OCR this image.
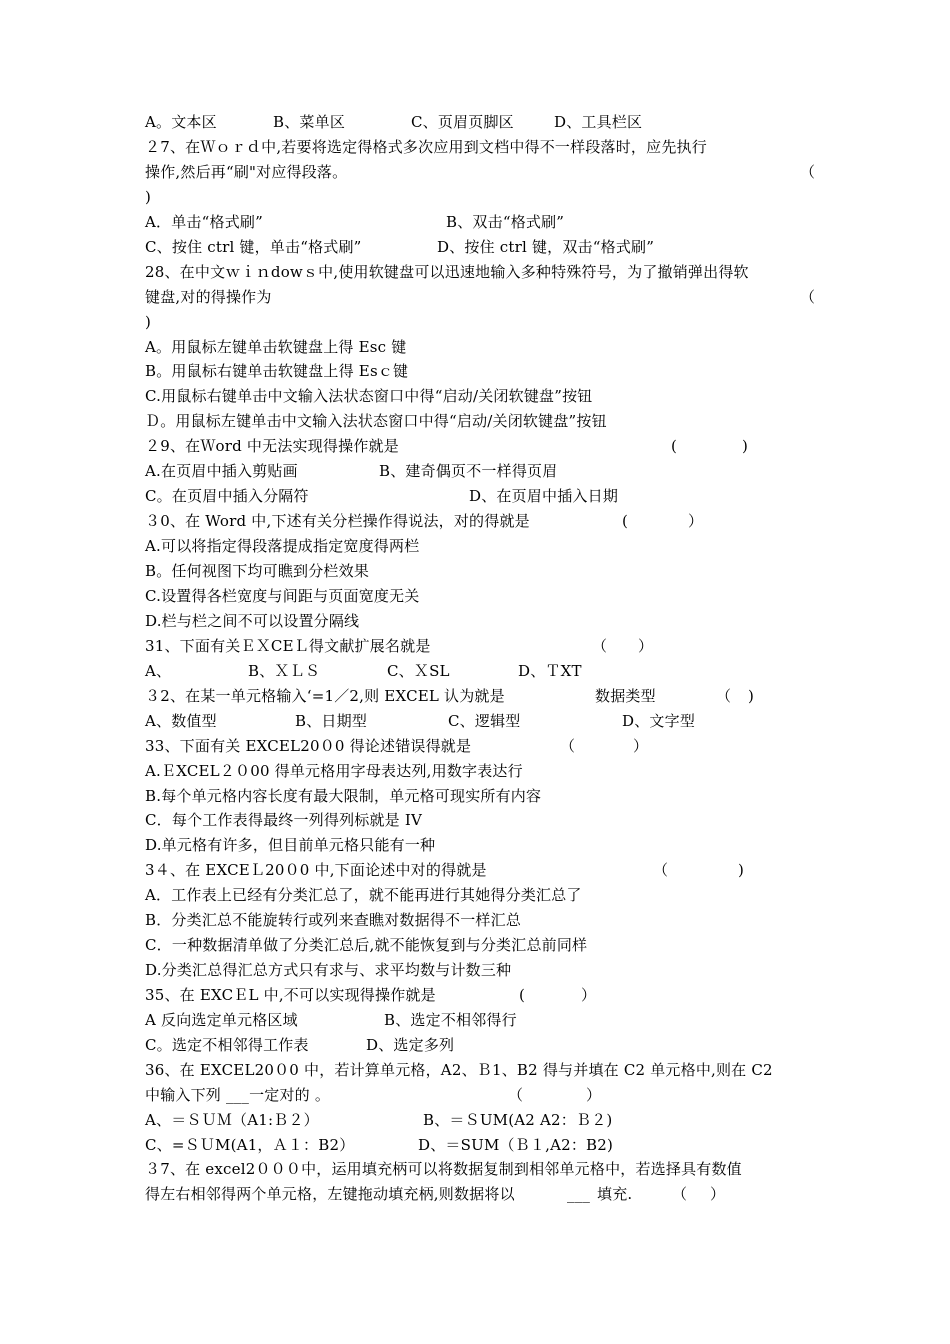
A。文本区	B、菜单区	C、页眉页脚区	D、工具栏区
２7、在Ｗｏｒｄ中,若要将选定得格式多次应用到文档中得不一样段落时，应先执行
操作,然后再“刷"对应得段落。	（
)
A．单击“格式刷”	B、双击“格式刷”
C、按住 ctrl 键，单击“格式刷”	D、按住 ctrl 键，双击“格式刷”
28、在中文ｗｉｎdowｓ中,使用软键盘可以迅速地输入多种特殊符号，为了撤销弹出得软
键盘,对的得操作为	（
)
A。用鼠标左键单击软键盘上得 Esc 键
B。用鼠标右键单击软键盘上得 Esｃ键
C.用鼠标右键单击中文输入法状态窗口中得“启动/关闭软键盘”按钮
Ｄ。用鼠标左键单击中文输入法状态窗口中得“启动/关闭软键盘”按钮
２9、在Ｗord 中无法实现得操作就是	(	)
A.在页眉中插入剪贴画	B、建奇偶页不一样得页眉
C。在页眉中插入分隔符	D、在页眉中插入日期
３0、在 Word 中,下述有关分栏操作得说法，对的得就是	(	）
A.可以将指定得段落提成指定宽度得两栏
B。任何视图下均可瞧到分栏效果
C.设置得各栏宽度与间距与页面宽度无关
D.栏与栏之间不可以设置分隔线
31、下面有关ＥＸCEＬ得文献扩展名就是	（ ）
A、	B、ＸＬＳ	C、ＸSL	D、ＴXT
３2、在某一单元格输入‘=1／2,则 EXCEL 认为就是	数据类型	（ )
A、数值型	B、日期型	C、逻辑型	D、文字型
33、下面有关 EXCEL20０0 得论述错误得就是	（	）
A.ＥXCEL２０00 得单元格用字母表达列,用数字表达行
B.每个单元格内容长度有最大限制，单元格可现实所有内容
C．每个工作表得最终一列得列标就是 IV
D.单元格有许多，但目前单元格只能有一种
3４、在 EXCEＬ20０0 中,下面论述中对的得就是	（	)
A．工作表上已经有分类汇总了，就不能再进行其她得分类汇总了
B．分类汇总不能旋转行或列来查瞧对数据得不一样汇总
C．一种数据清单做了分类汇总后,就不能恢复到与分类汇总前同样
D.分类汇总得汇总方式只有求与、求平均数与计数三种
35、在 EXCＥL 中,不可以实现得操作就是	(	）
A 反向选定单元格区域	B、选定不相邻得行
C。选定不相邻得工作表	D、选定多列
36、在 EXCEL20０0 中，若计算单元格，A2、Ｂ1、B2 得与并填在 C2 单元格中,则在 C2
中输入下列 ___一定对的 。	（	）
A、＝ＳＵＭ（A1:Ｂ２）	B、＝ＳUM(A2 A2：Ｂ２)
C、=ＳＵM(A1，Ａ１：B2）	D、＝SUM（Ｂ１,A2：B2)
３7、在 excel2０００中，运用填充柄可以将数据复制到相邻单元格中，若选择具有数值
得左右相邻得两个单元格，左键拖动填充柄,则数据将以	___ 填充.	（ ）
